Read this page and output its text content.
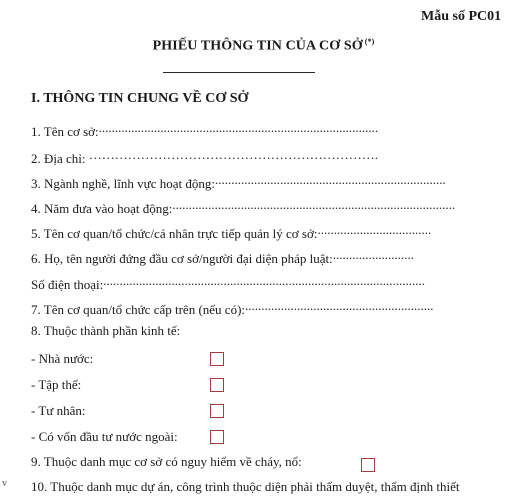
Mẫu số PC01
PHIẾU THÔNG TIN CỦA CƠ SỞ (*)
I. THÔNG TIN CHUNG VỀ CƠ SỞ
1. Tên cơ sở:......................................................................................
2. Địa chỉ: ………………………………………………………….
3. Ngành nghề, lĩnh vực hoạt động:.......................................................................
4. Năm đưa vào hoạt động:.......................................................................................
5. Tên cơ quan/tổ chức/cá nhân trực tiếp quản lý cơ sở:...................................
6. Họ, tên người đứng đầu cơ sở/người đại diện pháp luật:.........................
Số điện thoại:...................................................................................................
7. Tên cơ quan/tổ chức cấp trên (nếu có):..........................................................
8. Thuộc thành phần kinh tế:
- Nhà nước:
- Tập thể:
- Tư nhân:
- Có vốn đầu tư nước ngoài:
9. Thuộc danh mục cơ sở có nguy hiểm về cháy, nổ:
10. Thuộc danh mục dự án, công trình thuộc diện phải thẩm duyệt, thẩm định thiết
v
